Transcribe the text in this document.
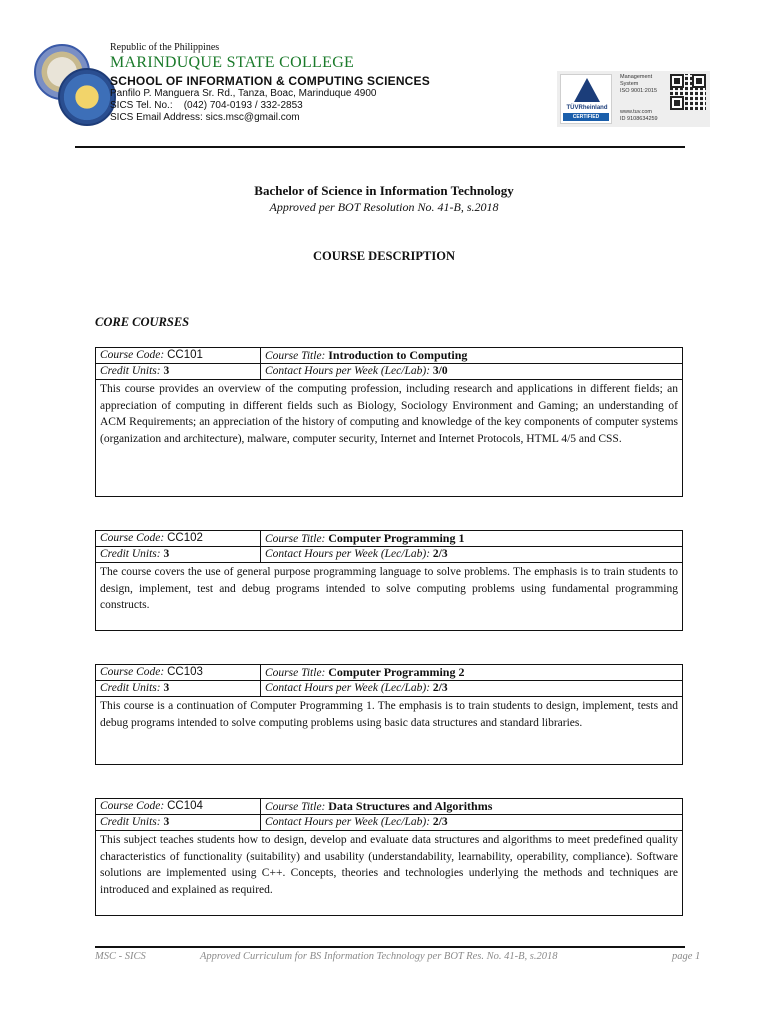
Republic of the Philippines
MARINDUQUE STATE COLLEGE
SCHOOL OF INFORMATION & COMPUTING SCIENCES
Panfilo P. Manguera Sr. Rd., Tanza, Boac, Marinduque 4900
SICS Tel. No.:    (042) 704-0193 / 332-2853
SICS Email Address: sics.msc@gmail.com
TÜVRheinland
CERTIFIED
Management
System
ISO 9001:2015
www.tuv.com
ID 9108634259
Bachelor of Science in Information Technology
Approved per BOT Resolution No. 41-B, s.2018
COURSE DESCRIPTION
CORE COURSES
Course Code: CC101	Course Title: Introduction to Computing
Credit Units: 3	Contact Hours per Week (Lec/Lab): 3/0
This course provides an overview of the computing profession, including research and applications in different fields; an appreciation of computing in different fields such as Biology, Sociology Environment and Gaming; an understanding of ACM Requirements; an appreciation of the history of computing and knowledge of the key components of computer systems (organization and architecture), malware, computer security, Internet and Internet Protocols, HTML 4/5 and CSS.
Course Code: CC102	Course Title: Computer Programming 1
Credit Units: 3	Contact Hours per Week (Lec/Lab): 2/3
The course covers the use of general purpose programming language to solve problems. The emphasis is to train students to design, implement, test and debug programs intended to solve computing problems using fundamental programming constructs.
Course Code: CC103	Course Title: Computer Programming 2
Credit Units: 3	Contact Hours per Week (Lec/Lab): 2/3
This course is a continuation of Computer Programming 1. The emphasis is to train students to design, implement, tests and debug programs intended to solve computing problems using basic data structures and standard libraries.
Course Code: CC104	Course Title: Data Structures and Algorithms
Credit Units: 3	Contact Hours per Week (Lec/Lab): 2/3
This subject teaches students how to design, develop and evaluate data structures and algorithms to meet predefined quality characteristics of functionality (suitability) and usability (understandability, learnability, operability, compliance). Software solutions are implemented using C++. Concepts, theories and technologies underlying the methods and techniques are introduced and explained as required.
MSC - SICS	Approved Curriculum for BS Information Technology per BOT Res. No. 41-B, s.2018	page 1
